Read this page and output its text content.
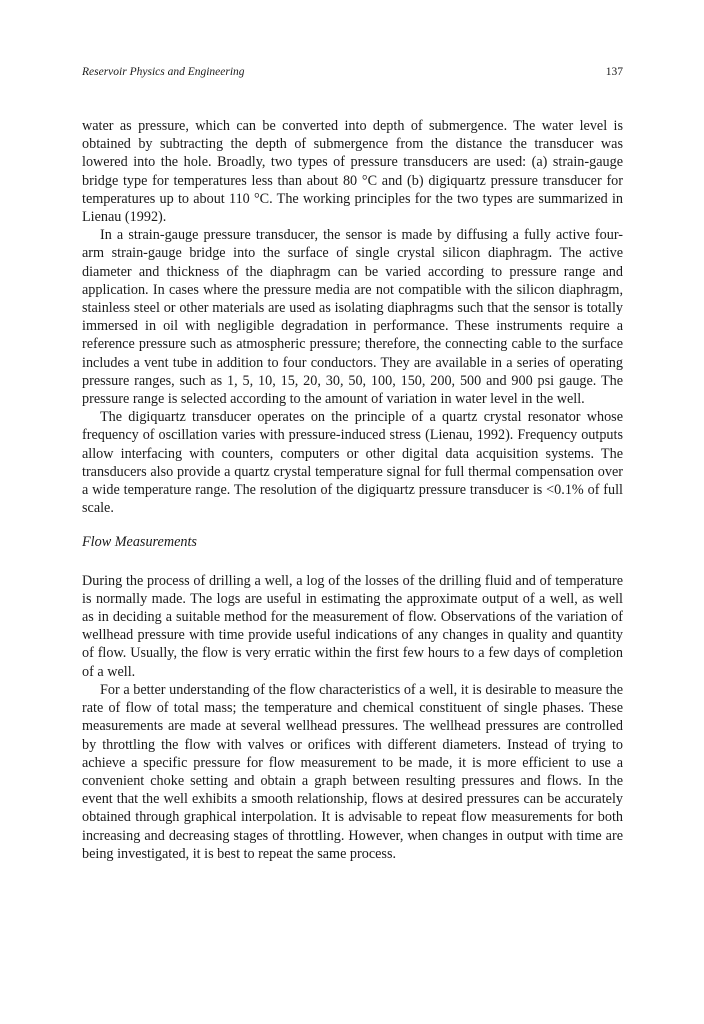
Reservoir Physics and Engineering	137

water as pressure, which can be converted into depth of submergence. The water level is obtained by subtracting the depth of submergence from the distance the transducer was lowered into the hole. Broadly, two types of pressure transducers are used: (a) strain-gauge bridge type for temperatures less than about 80 °C and (b) digiquartz pressure transducer for temperatures up to about 110 °C. The working principles for the two types are summarized in Lienau (1992).

In a strain-gauge pressure transducer, the sensor is made by diffusing a fully active four-arm strain-gauge bridge into the surface of single crystal silicon diaphragm. The active diameter and thickness of the diaphragm can be varied according to pressure range and application. In cases where the pressure media are not compatible with the silicon diaphragm, stainless steel or other materials are used as isolating diaphragms such that the sensor is totally immersed in oil with negligible degradation in performance. These instruments require a reference pressure such as atmospheric pressure; therefore, the connecting cable to the surface includes a vent tube in addition to four conductors. They are available in a series of operating pressure ranges, such as 1, 5, 10, 15, 20, 30, 50, 100, 150, 200, 500 and 900 psi gauge. The pressure range is selected according to the amount of variation in water level in the well.

The digiquartz transducer operates on the principle of a quartz crystal resonator whose frequency of oscillation varies with pressure-induced stress (Lienau, 1992). Frequency outputs allow interfacing with counters, computers or other digital data acquisition systems. The transducers also provide a quartz crystal temperature signal for full thermal compensation over a wide temperature range. The resolution of the digiquartz pressure transducer is <0.1% of full scale.

Flow Measurements

During the process of drilling a well, a log of the losses of the drilling fluid and of temperature is normally made. The logs are useful in estimating the approximate output of a well, as well as in deciding a suitable method for the measurement of flow. Observations of the variation of wellhead pressure with time provide useful indications of any changes in quality and quantity of flow. Usually, the flow is very erratic within the first few hours to a few days of completion of a well.

For a better understanding of the flow characteristics of a well, it is desirable to measure the rate of flow of total mass; the temperature and chemical constituent of single phases. These measurements are made at several wellhead pressures. The wellhead pressures are controlled by throttling the flow with valves or orifices with different diameters. Instead of trying to achieve a specific pressure for flow measurement to be made, it is more efficient to use a convenient choke setting and obtain a graph between resulting pressures and flows. In the event that the well exhibits a smooth relationship, flows at desired pressures can be accurately obtained through graphical interpolation. It is advisable to repeat flow measurements for both increasing and decreasing stages of throttling. However, when changes in output with time are being investigated, it is best to repeat the same process.
